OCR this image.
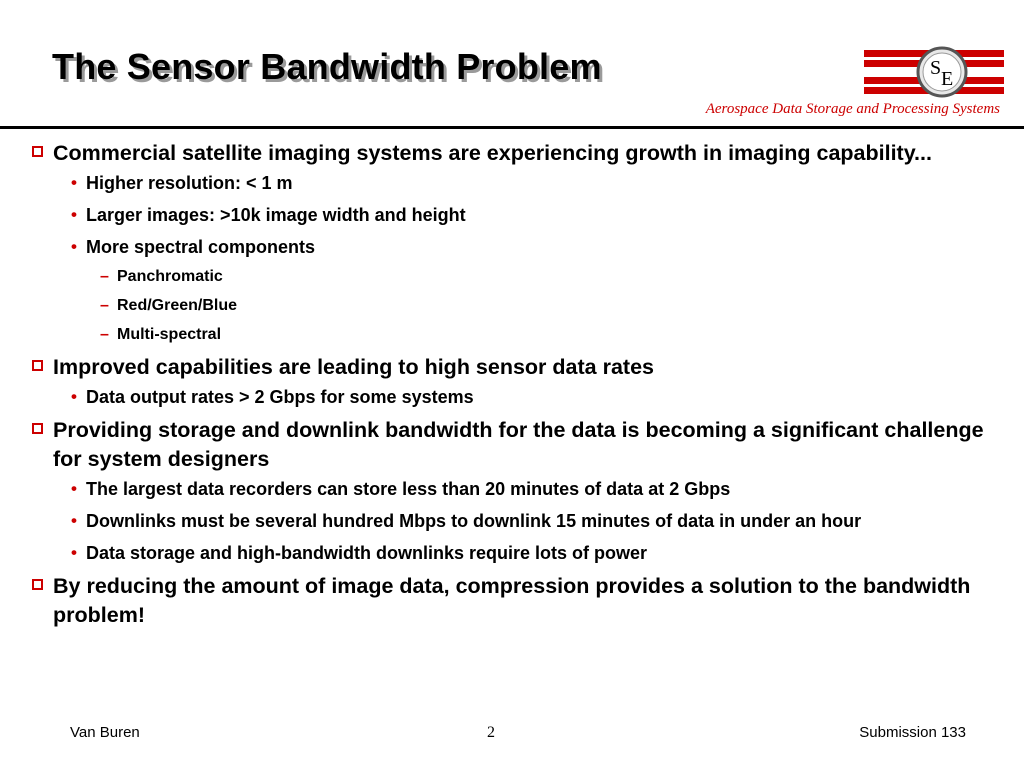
The Sensor Bandwidth Problem	S E
Aerospace Data Storage and Processing Systems
Commercial satellite imaging systems are experiencing growth in imaging capability...
• Higher resolution: < 1 m
• Larger images: >10k image width and height
• More spectral components
– Panchromatic
– Red/Green/Blue
– Multi-spectral
Improved capabilities are leading to high sensor data rates
• Data output rates > 2 Gbps for some systems
Providing storage and downlink bandwidth for the data is becoming a significant challenge for system designers
• The largest data recorders can store less than 20 minutes of data at 2 Gbps
• Downlinks must be several hundred Mbps to downlink 15 minutes of data in under an hour
• Data storage and high-bandwidth downlinks require lots of power
By reducing the amount of image data, compression provides a solution to the bandwidth problem!
Van Buren	2	Submission 133
